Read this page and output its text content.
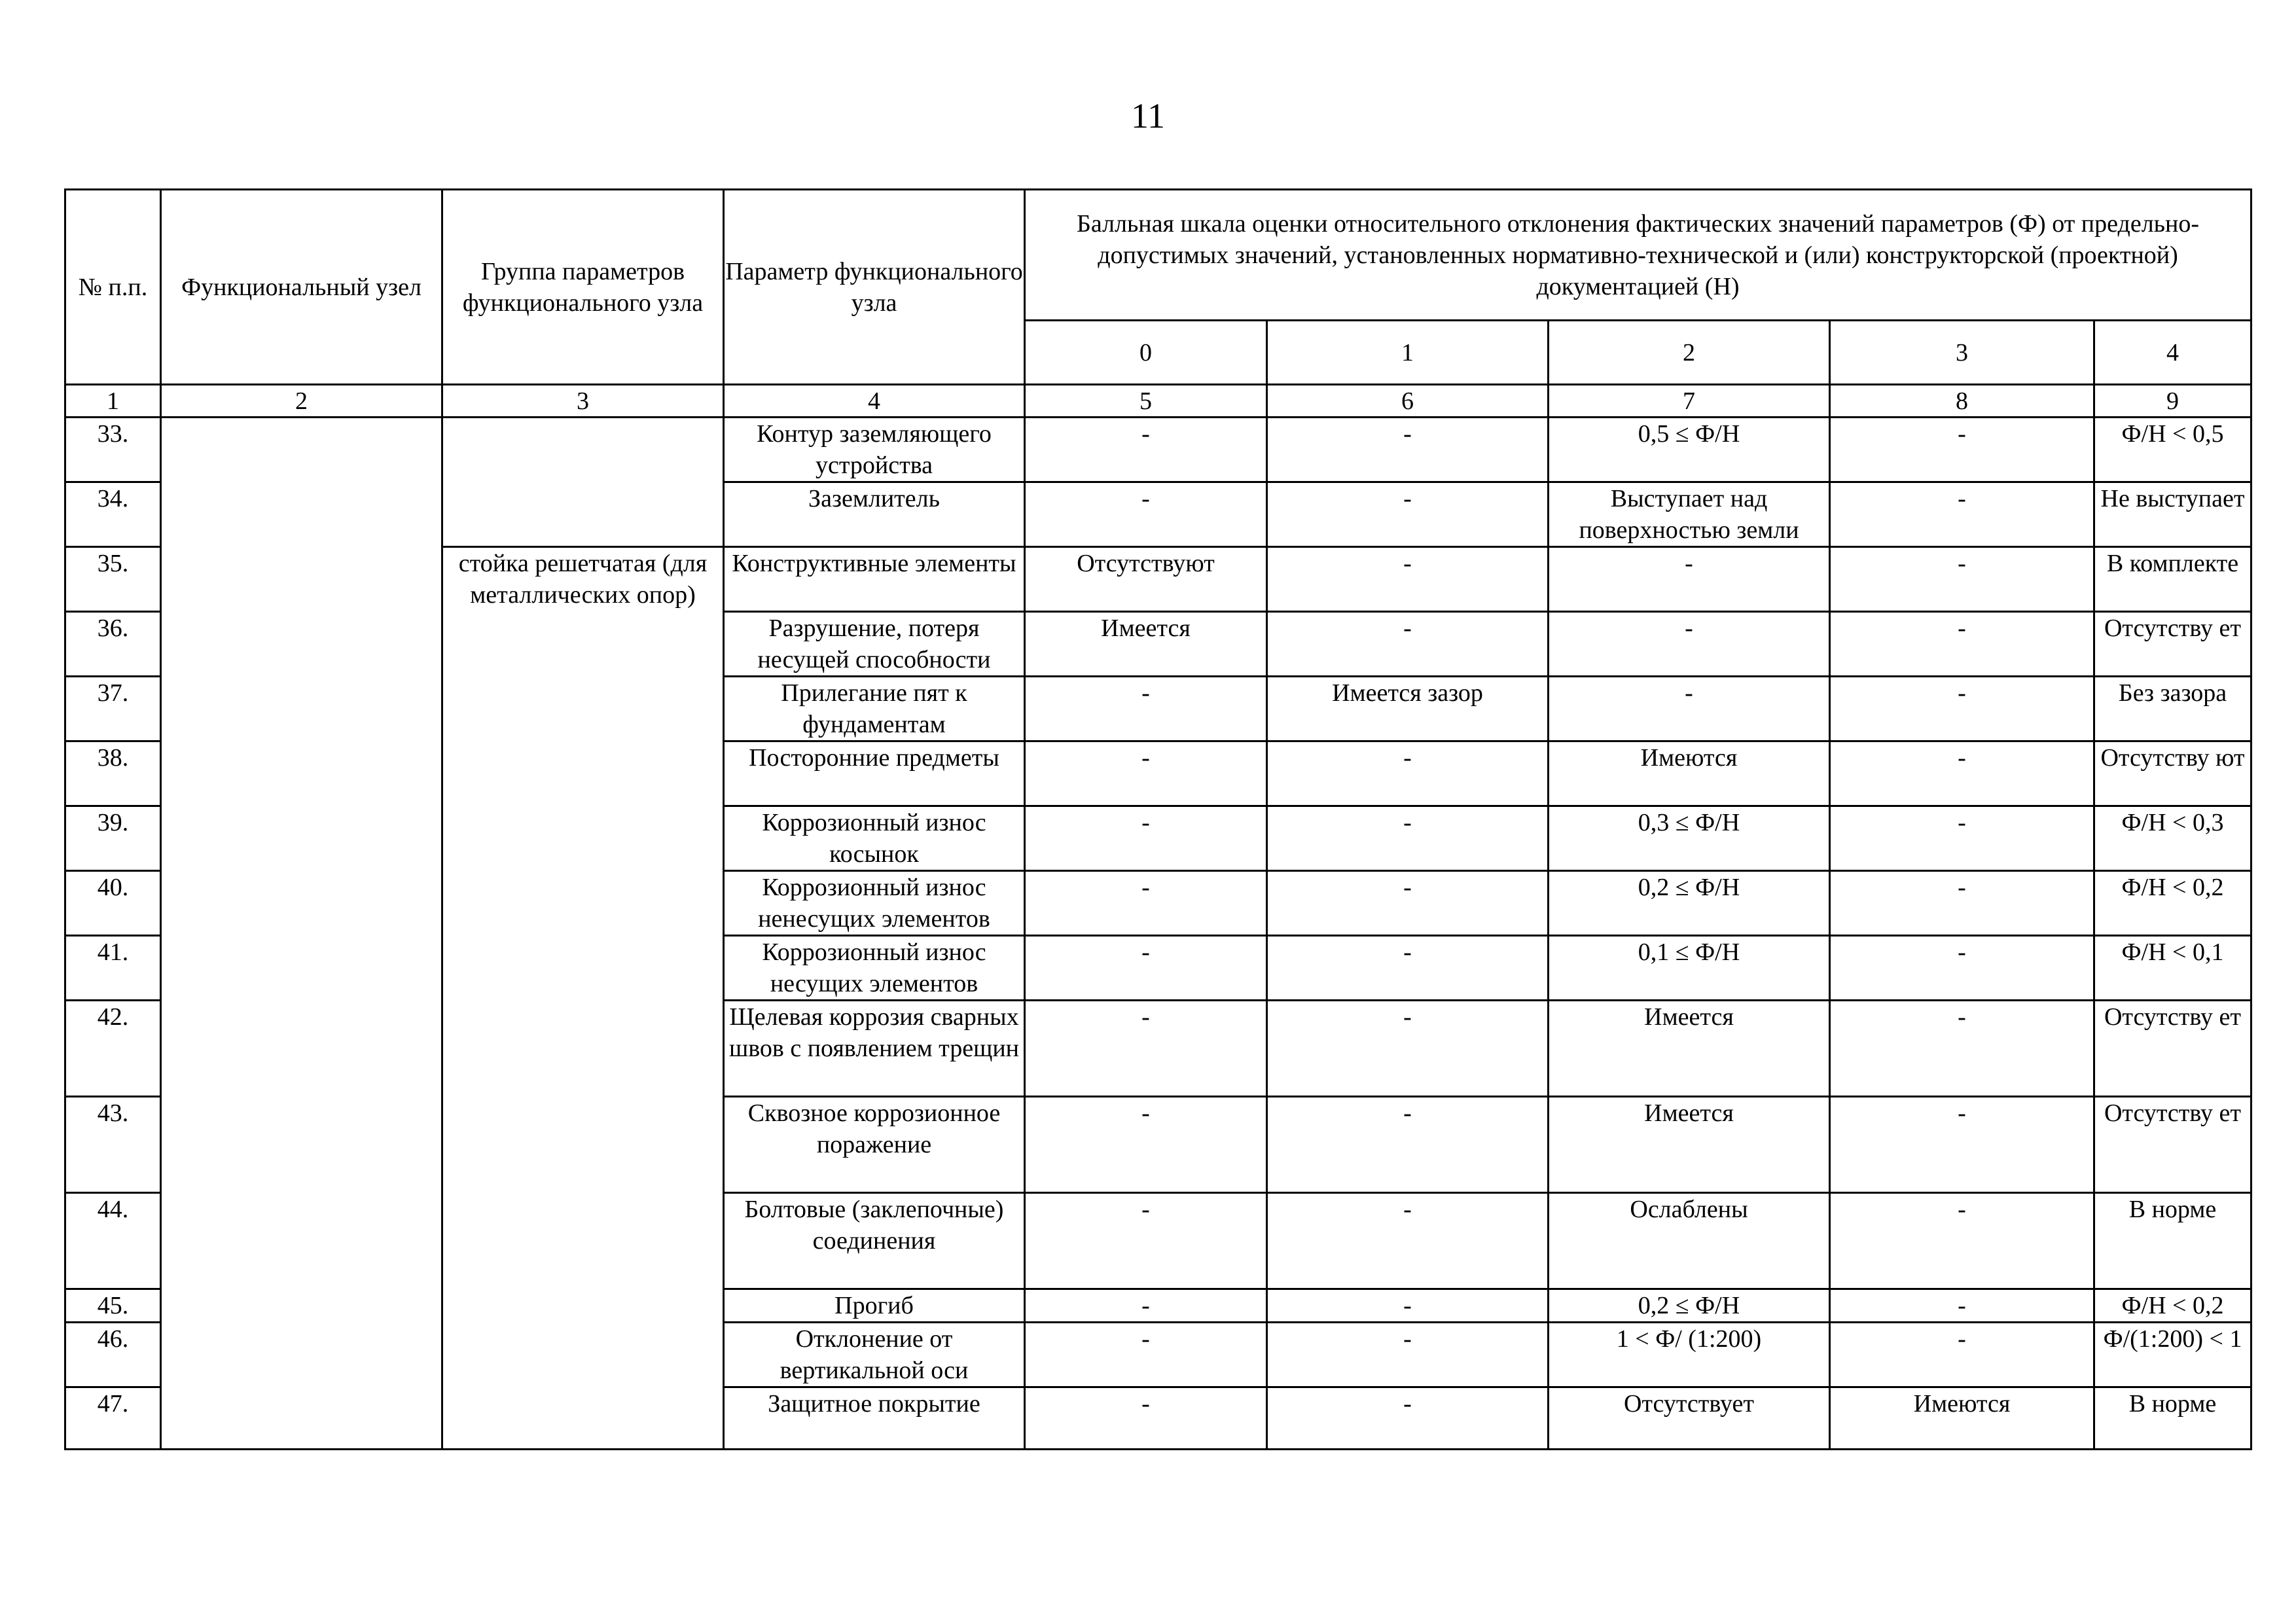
11
№ п.п.	Функциональный узел	Группа параметров функционального узла	Параметр функционального узла	Балльная шкала оценки относительного отклонения фактических значений параметров (Ф) от предельно-допустимых значений, установленных нормативно-технической и (или) конструкторской (проектной) документацией (Н)				
				0	1	2	3	4
1	2	3	4	5	6	7	8	9
33.			Контур заземляющего устройства	-	-	0,5 ≤ Ф/Н	-	Ф/Н < 0,5
34.			Заземлитель	-	-	Выступает над поверхностью земли	-	Не выступает
35.		стойка решетчатая (для металлических опор)	Конструктивные элементы	Отсутствуют	-	-	-	В комплекте
36.			Разрушение, потеря несущей способности	Имеется	-	-	-	Отсутству ет
37.			Прилегание пят к фундаментам	-	Имеется зазор	-	-	Без зазора
38.			Посторонние предметы	-	-	Имеются	-	Отсутству ют
39.			Коррозионный износ косынок	-	-	0,3 ≤ Ф/Н	-	Ф/Н < 0,3
40.			Коррозионный износ ненесущих элементов	-	-	0,2 ≤ Ф/Н	-	Ф/Н < 0,2
41.			Коррозионный износ несущих элементов	-	-	0,1 ≤ Ф/Н	-	Ф/Н < 0,1
42.			Щелевая коррозия сварных швов с появлением трещин	-	-	Имеется	-	Отсутству ет
43.			Сквозное коррозионное поражение	-	-	Имеется	-	Отсутству ет
44.			Болтовые (заклепочные) соединения	-	-	Ослаблены	-	В норме
45.			Прогиб	-	-	0,2 ≤ Ф/Н	-	Ф/Н < 0,2
46.			Отклонение от вертикальной оси	-	-	1 < Ф/ (1:200)	-	Ф/(1:200) < 1
47.			Защитное покрытие	-	-	Отсутствует	Имеются	В норме
